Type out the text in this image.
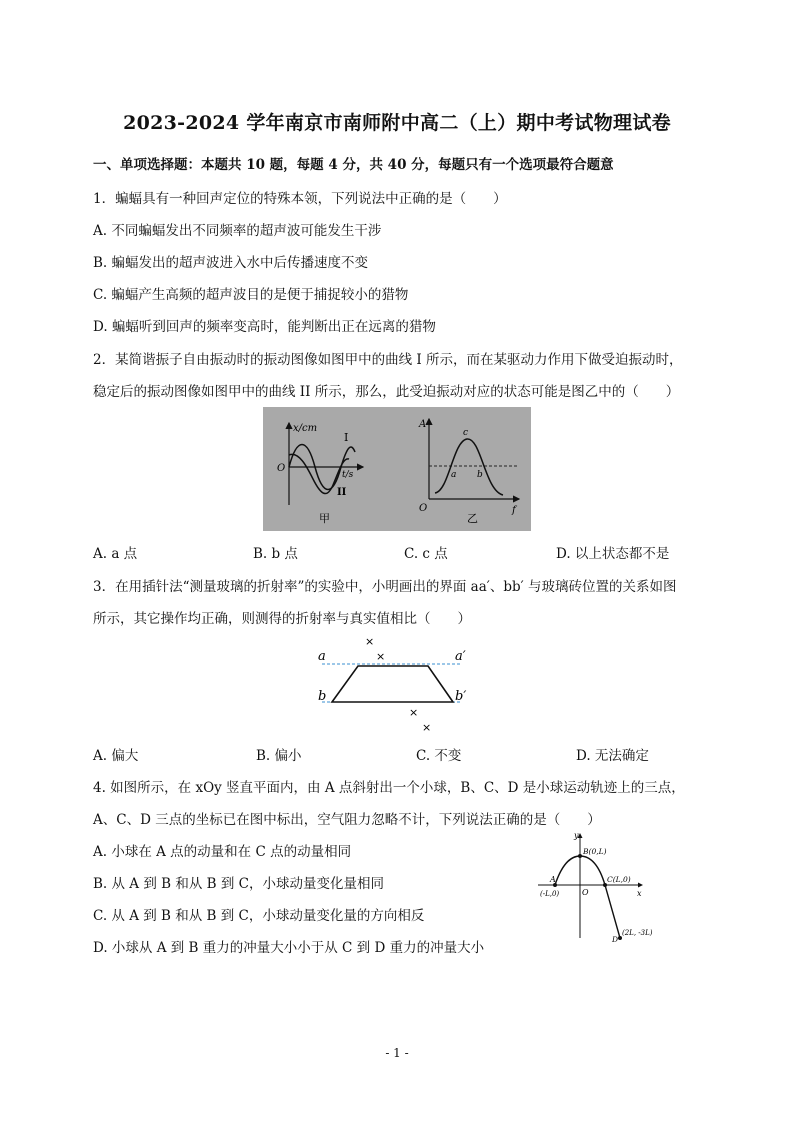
2023-2024 学年南京市南师附中高二（上）期中考试物理试卷
一、单项选择题：本题共 10 题，每题 4 分，共 40 分，每题只有一个选项最符合题意
1．蝙蝠具有一种回声定位的特殊本领，下列说法中正确的是（　　）
A. 不同蝙蝠发出不同频率的超声波可能发生干涉
B. 蝙蝠发出的超声波进入水中后传播速度不变
C. 蝙蝠产生高频的超声波目的是便于捕捉较小的猎物
D. 蝙蝠听到回声的频率变高时，能判断出正在远离的猎物
2．某简谐振子自由振动时的振动图像如图甲中的曲线 I 所示，而在某驱动力作用下做受迫振动时，
稳定后的振动图像如图甲中的曲线 II 所示，那么，此受迫振动对应的状态可能是图乙中的（　　）
x/cm
t/s
O
I
II
甲
A
f
O
a b
c
乙
A. a 点	B. b 点	C. c 点	D. 以上状态都不是
3．在用插针法“测量玻璃的折射率”的实验中，小明画出的界面 aa′、bb′ 与玻璃砖位置的关系如图
所示，其它操作均正确，则测得的折射率与真实值相比（　　）
×
×
×
×
a	a′
b	b′
A. 偏大	B. 偏小	C. 不变	D. 无法确定
4. 如图所示，在 xOy 竖直平面内，由 A 点斜射出一个小球，B、C、D 是小球运动轨迹上的三点，
A、C、D 三点的坐标已在图中标出，空气阻力忽略不计，下列说法正确的是（　　）
A. 小球在 A 点的动量和在 C 点的动量相同
B. 从 A 到 B 和从 B 到 C，小球动量变化量相同
C. 从 A 到 B 和从 B 到 C，小球动量变化量的方向相反
D. 小球从 A 到 B 重力的冲量大小小于从 C 到 D 重力的冲量大小
y
x
O
A
(-L,0)
B(0,L)
C(L,0)
D
(2L, -3L)
- 1 -
